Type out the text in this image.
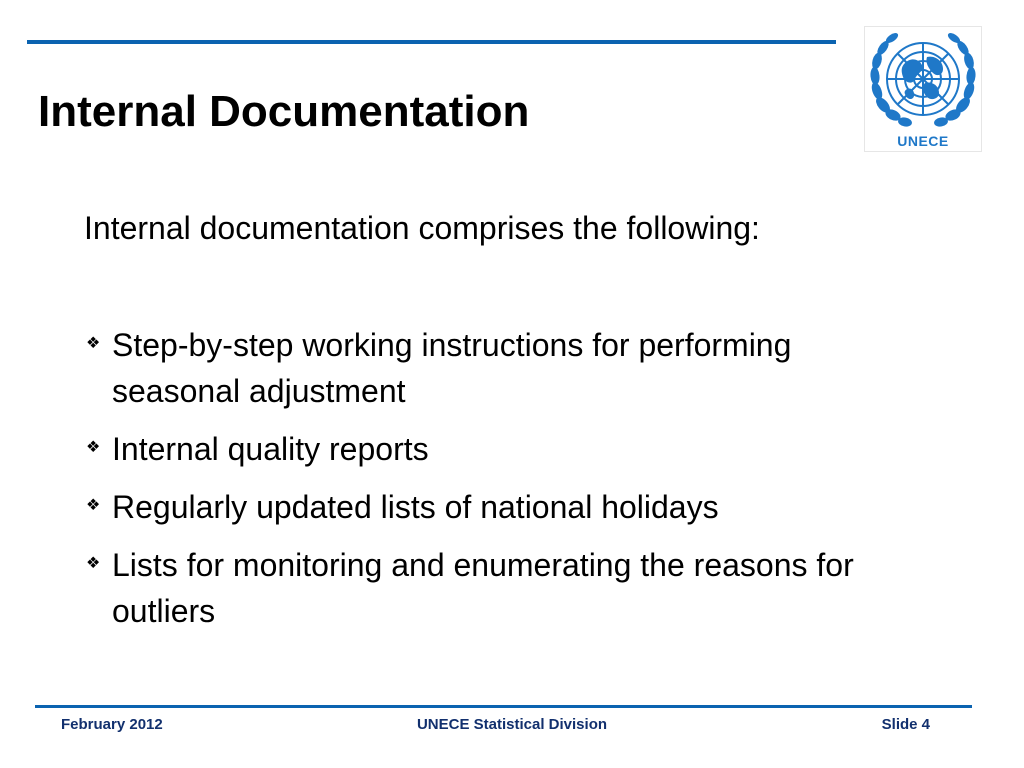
UNECE
Internal Documentation

Internal documentation comprises the following:

❖ Step-by-step working instructions for performing seasonal adjustment
❖ Internal quality reports
❖ Regularly updated lists of national holidays
❖ Lists for monitoring and enumerating the reasons for outliers
February 2012	UNECE Statistical Division	Slide 4
